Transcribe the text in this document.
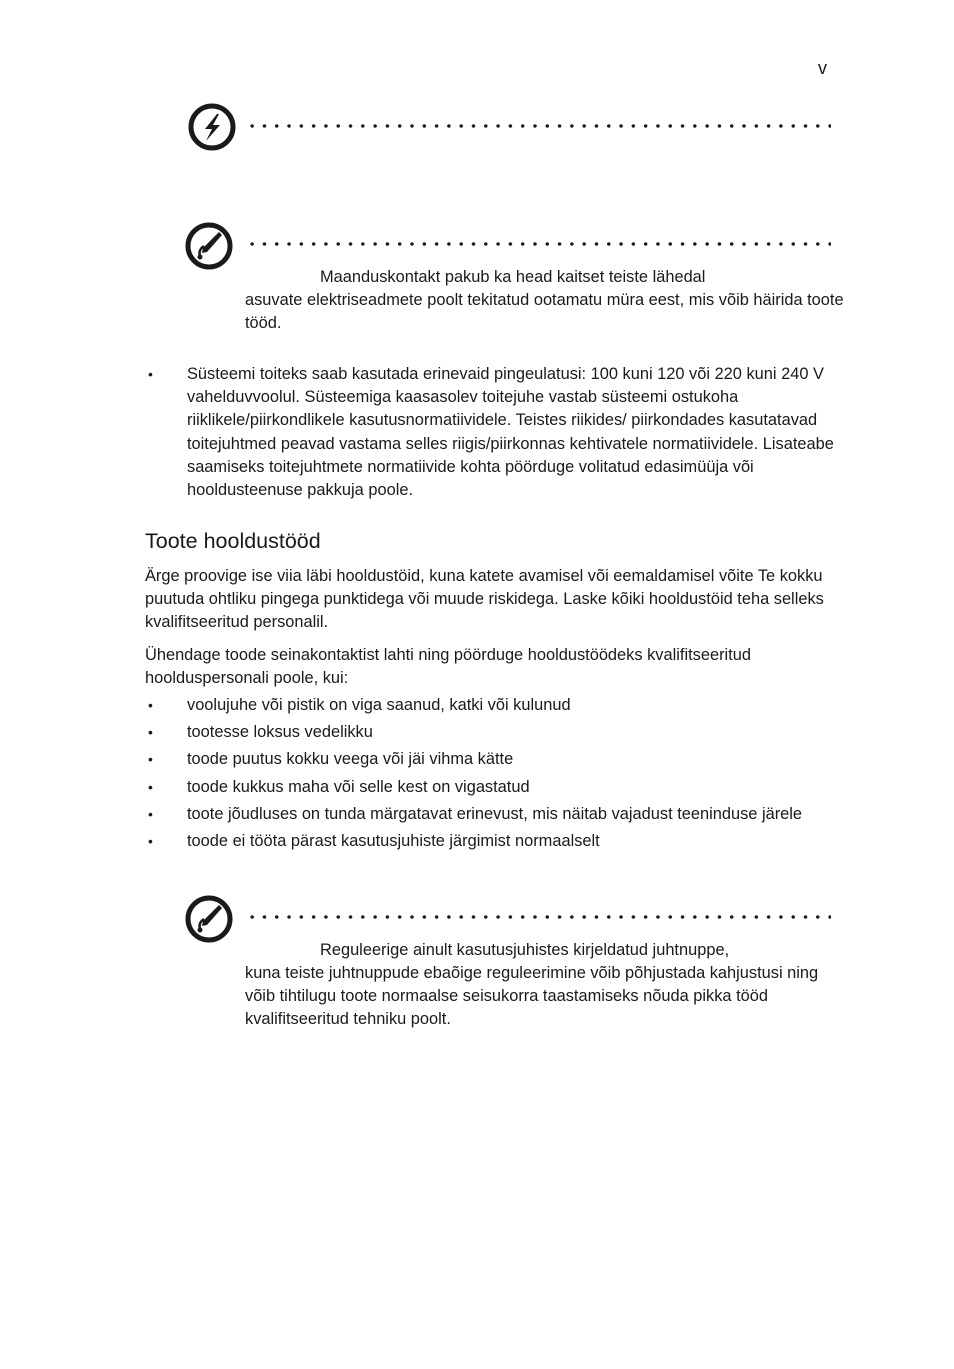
v
Maanduskontakt pakub ka head kaitset teiste lähedal
asuvate elektriseadmete poolt tekitatud ootamatu müra eest, mis võib häirida toote tööd.
• Süsteemi toiteks saab kasutada erinevaid pingeulatusi: 100 kuni 120 või 220 kuni 240 V vahelduvvoolul. Süsteemiga kaasasolev toitejuhe vastab süsteemi ostukoha riiklikele/piirkondlikele kasutusnormatiividele. Teistes riikides/ piirkondades kasutatavad toitejuhtmed peavad vastama selles riigis/piirkonnas kehtivatele normatiividele. Lisateabe saamiseks toitejuhtmete normatiivide kohta pöörduge volitatud edasimüüja või hooldusteenuse pakkuja poole.
Toote hooldustööd

Ärge proovige ise viia läbi hooldustöid, kuna katete avamisel või eemaldamisel võite Te kokku puutuda ohtliku pingega punktidega või muude riskidega. Laske kõiki hooldustöid teha selleks kvalifitseeritud personalil.

Ühendage toode seinakontaktist lahti ning pöörduge hooldustöödeks kvalifitseeritud hoolduspersonali poole, kui:

• voolujuhe või pistik on viga saanud, katki või kulunud
• tootesse loksus vedelikku
• toode puutus kokku veega või jäi vihma kätte
• toode kukkus maha või selle kest on vigastatud
• toote jõudluses on tunda märgatavat erinevust, mis näitab vajadust teeninduse järele
• toode ei tööta pärast kasutusjuhiste järgimist normaalselt
Reguleerige ainult kasutusjuhistes kirjeldatud juhtnuppe,
kuna teiste juhtnuppude ebaõige reguleerimine võib põhjustada kahjustusi ning võib tihtilugu toote normaalse seisukorra taastamiseks nõuda pikka tööd kvalifitseeritud tehniku poolt.
